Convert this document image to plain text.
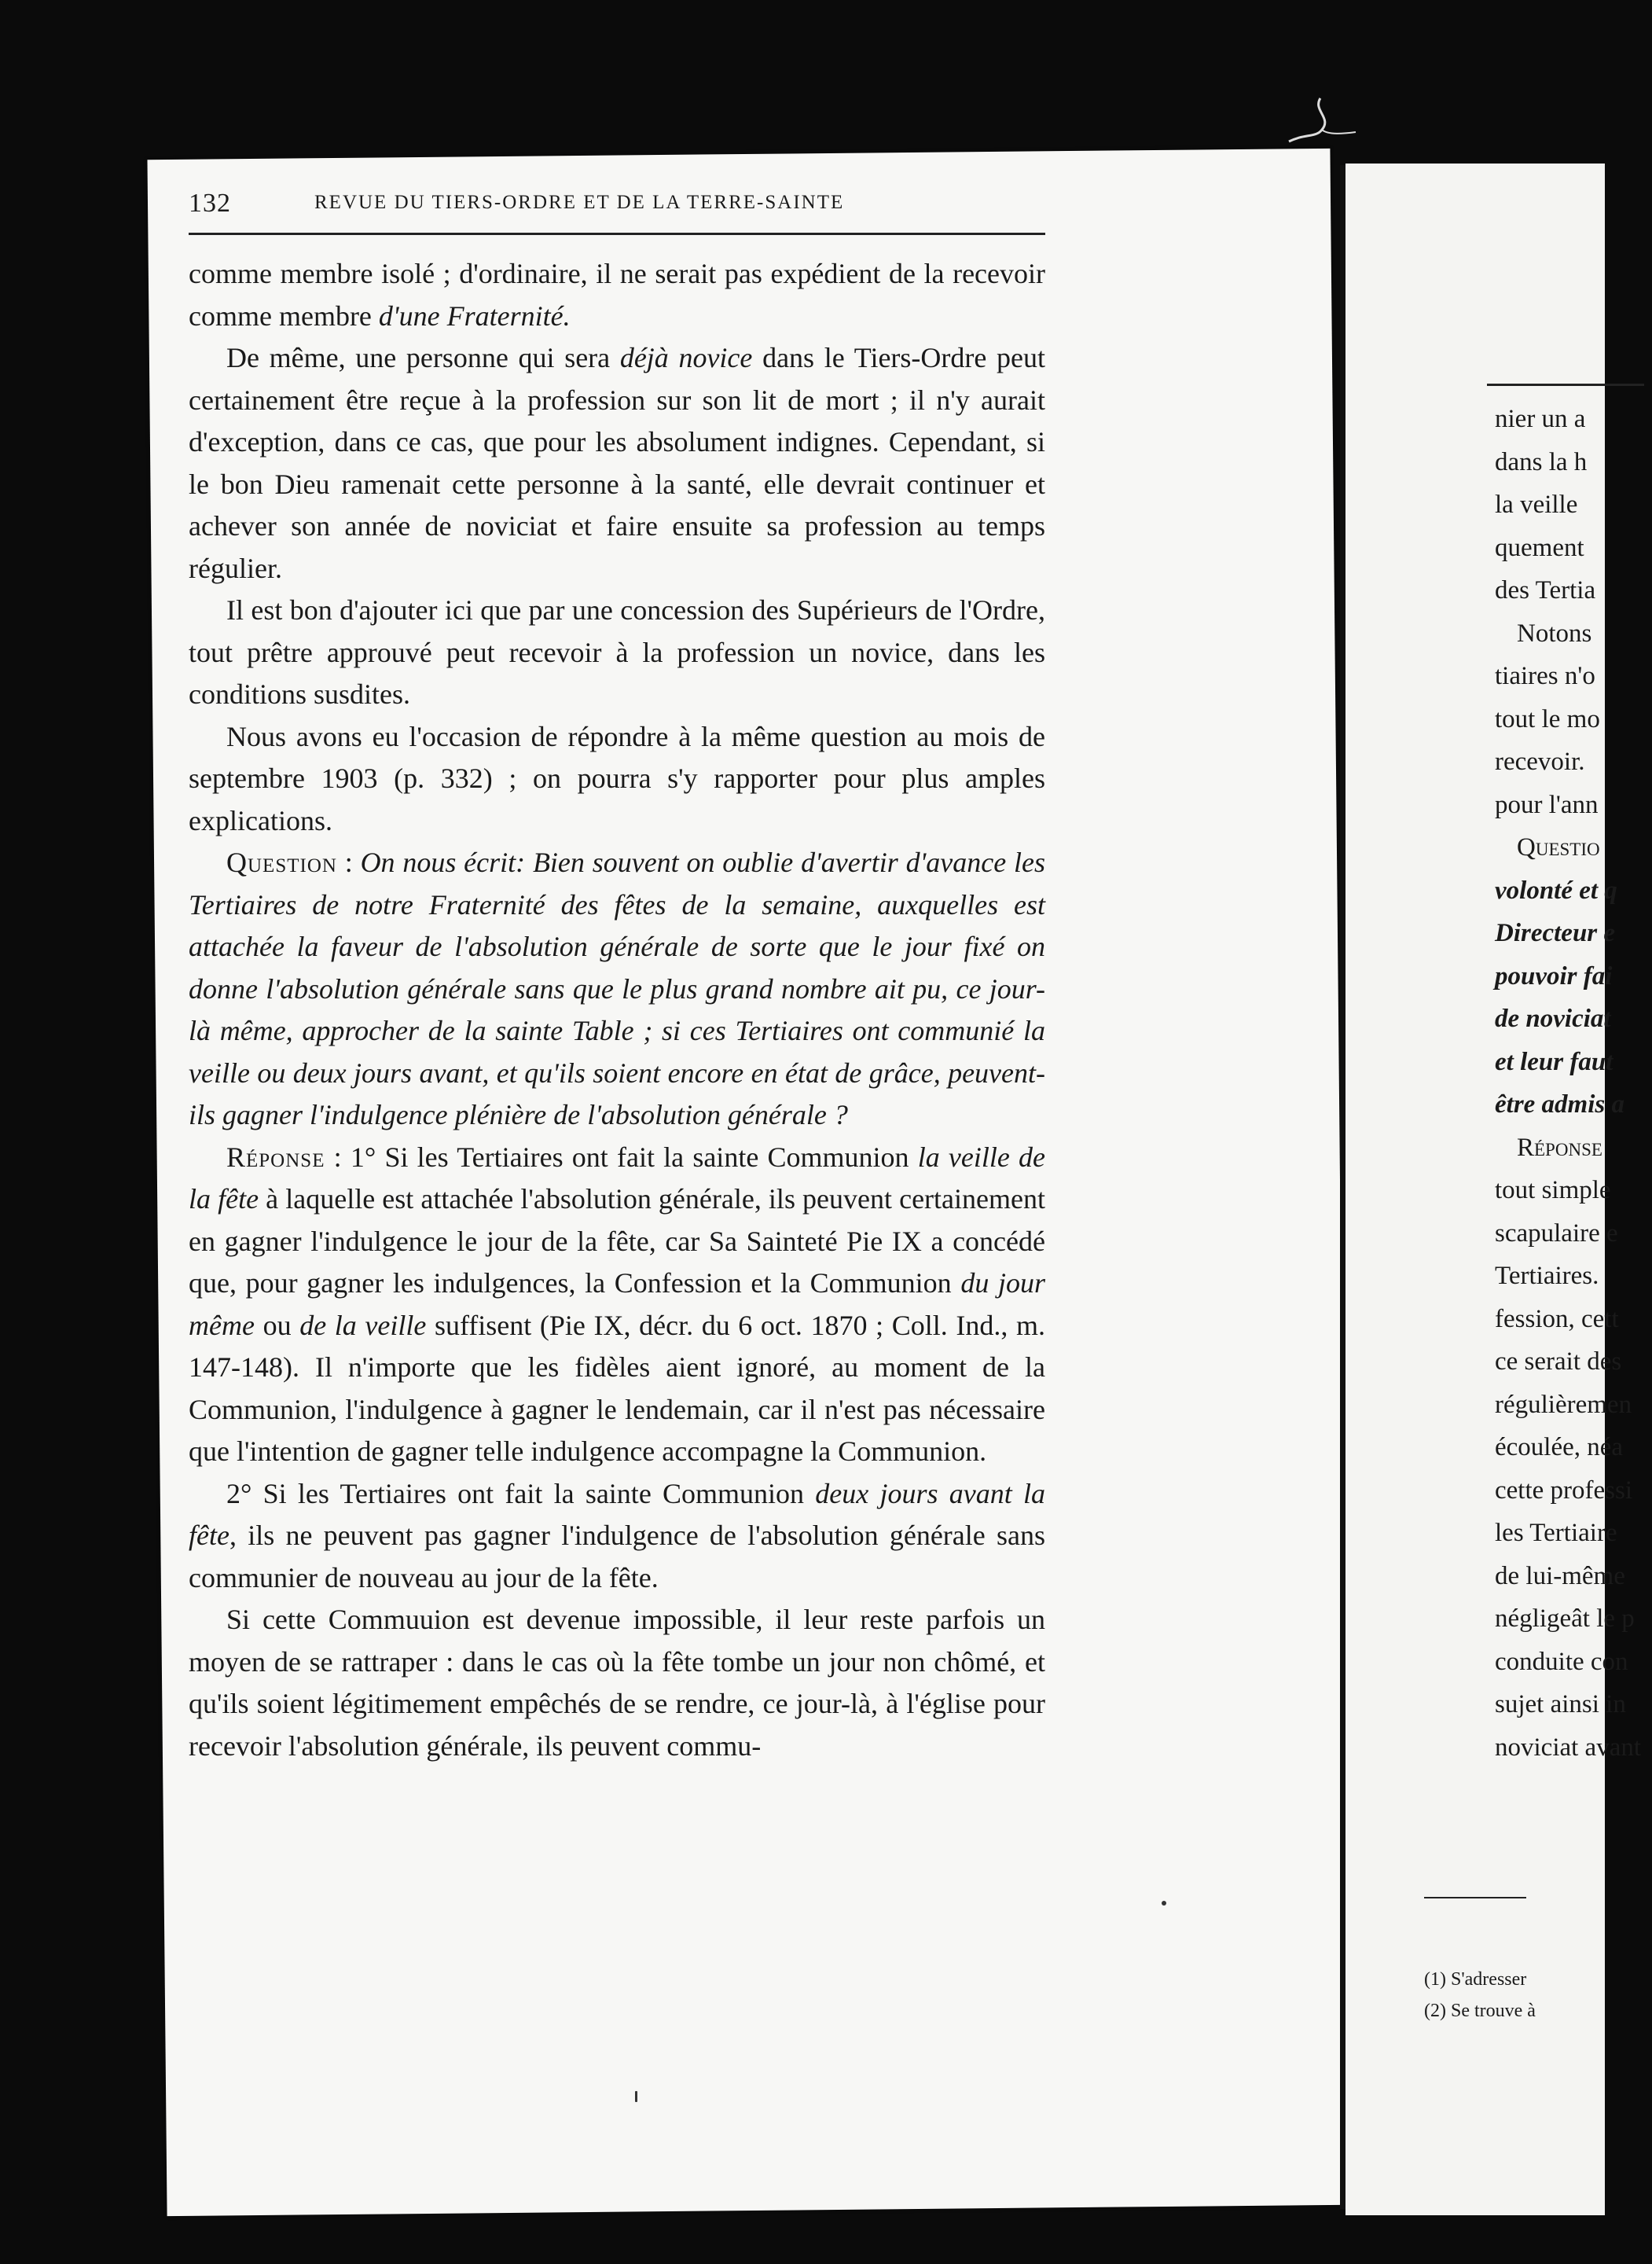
nier un a
dans la h
la veille
quement
des Tertia
Notons
tiaires n'o
tout le mo
recevoir.
pour l'ann
Questio
volonté et q
Directeur e
pouvoir fai
de noviciat
et leur faut
être admis a
Réponse
tout simple
scapulaire e
Tertiaires.
fession, cett
ce serait des
régulièremen
écoulée, néa
cette professi
les Tertiaire
de lui-même
négligeât le p
conduite con
sujet ainsi in
noviciat avant
(1) S'adresser
(2) Se trouve à
132	REVUE DU TIERS-ORDRE ET DE LA TERRE-SAINTE

comme membre isolé ; d'ordinaire, il ne serait pas expédient de la recevoir comme membre d'une Fraternité.

De même, une personne qui sera déjà novice dans le Tiers-Ordre peut certainement être reçue à la profession sur son lit de mort ; il n'y aurait d'exception, dans ce cas, que pour les absolument indignes. Cependant, si le bon Dieu ramenait cette personne à la santé, elle devrait continuer et achever son année de noviciat et faire ensuite sa profession au temps régulier.

Il est bon d'ajouter ici que par une concession des Supérieurs de l'Ordre, tout prêtre approuvé peut recevoir à la profession un novice, dans les conditions susdites.

Nous avons eu l'occasion de répondre à la même question au mois de septembre 1903 (p. 332) ; on pourra s'y rapporter pour plus amples explications.

Question : On nous écrit: Bien souvent on oublie d'avertir d'avance les Tertiaires de notre Fraternité des fêtes de la semaine, auxquelles est attachée la faveur de l'absolution générale de sorte que le jour fixé on donne l'absolution générale sans que le plus grand nombre ait pu, ce jour-là même, approcher de la sainte Table ; si ces Tertiaires ont communié la veille ou deux jours avant, et qu'ils soient encore en état de grâce, peuvent-ils gagner l'indulgence plénière de l'absolution générale ?

Réponse : 1° Si les Tertiaires ont fait la sainte Communion la veille de la fête à laquelle est attachée l'absolution générale, ils peuvent certainement en gagner l'indulgence le jour de la fête, car Sa Sainteté Pie IX a concédé que, pour gagner les indulgences, la Confession et la Communion du jour même ou de la veille suffisent (Pie IX, décr. du 6 oct. 1870 ; Coll. Ind., m. 147-148). Il n'importe que les fidèles aient ignoré, au moment de la Communion, l'indulgence à gagner le lendemain, car il n'est pas nécessaire que l'intention de gagner telle indulgence accompagne la Communion.

2° Si les Tertiaires ont fait la sainte Communion deux jours avant la fête, ils ne peuvent pas gagner l'indulgence de l'absolution générale sans communier de nouveau au jour de la fête.

Si cette Commuuion est devenue impossible, il leur reste parfois un moyen de se rattraper : dans le cas où la fête tombe un jour non chômé, et qu'ils soient légitimement empêchés de se rendre, ce jour-là, à l'église pour recevoir l'absolution générale, ils peuvent commu-
